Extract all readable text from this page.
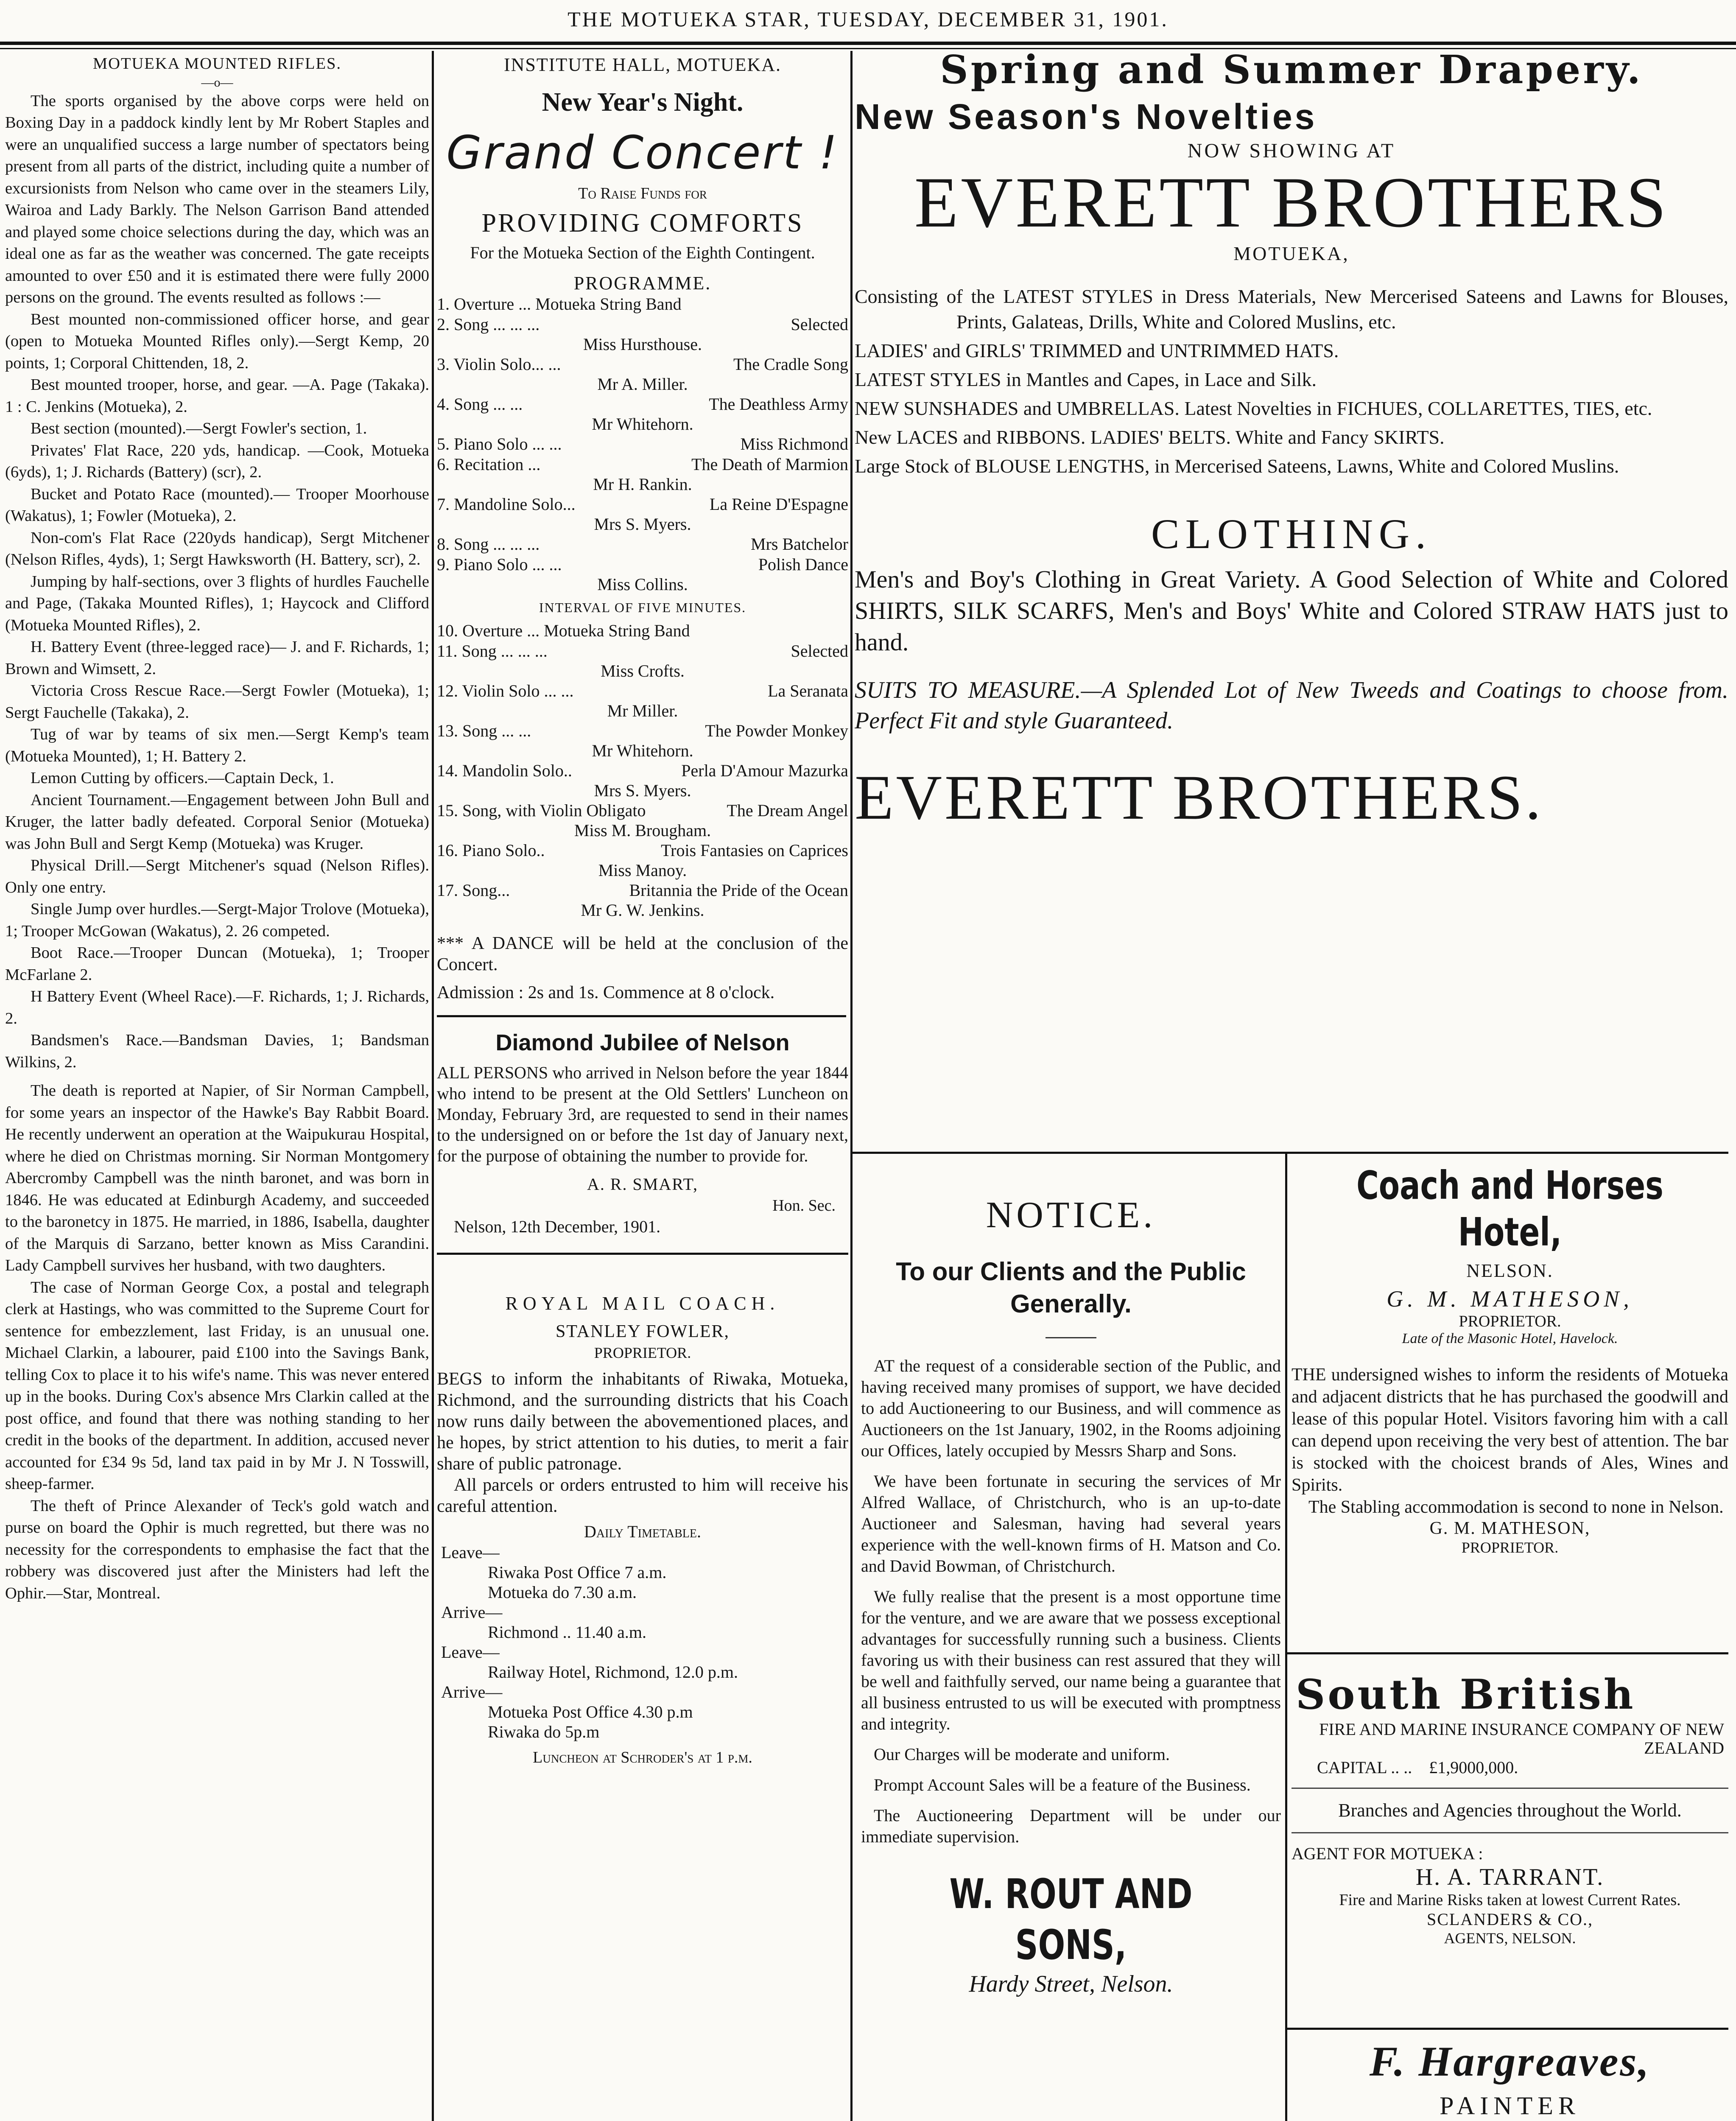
THE MOTUEKA STAR, TUESDAY, DECEMBER 31, 1901.

MOTUEKA MOUNTED RIFLES.

—o—

The sports organised by the above corps were held on Boxing Day in a paddock kindly lent by Mr Robert Staples and were an unqualified success a large number of spectators being present from all parts of the district, including quite a number of excursionists from Nelson who came over in the steamers Lily, Wairoa and Lady Barkly. The Nelson Garrison Band attended and played some choice selections during the day, which was an ideal one as far as the weather was concerned. The gate receipts amounted to over £50 and it is estimated there were fully 2000 persons on the ground. The events resulted as follows :—

Best mounted non-commissioned officer horse, and gear (open to Motueka Mounted Rifles only).—Sergt Kemp, 20 points, 1; Corporal Chittenden, 18, 2.

Best mounted trooper, horse, and gear. —A. Page (Takaka). 1 : C. Jenkins (Motueka), 2.

Best section (mounted).—Sergt Fowler's section, 1.

Privates' Flat Race, 220 yds, handicap. —Cook, Motueka (6yds), 1; J. Richards (Battery) (scr), 2.

Bucket and Potato Race (mounted).— Trooper Moorhouse (Wakatus), 1; Fowler (Motueka), 2.

Non-com's Flat Race (220yds handicap), Sergt Mitchener (Nelson Rifles, 4yds), 1; Sergt Hawksworth (H. Battery, scr), 2.

Jumping by half-sections, over 3 flights of hurdles Fauchelle and Page, (Takaka Mounted Rifles), 1; Haycock and Clifford (Motueka Mounted Rifles), 2.

H. Battery Event (three-legged race)— J. and F. Richards, 1; Brown and Wimsett, 2.

Victoria Cross Rescue Race.—Sergt Fowler (Motueka), 1; Sergt Fauchelle (Takaka), 2.

Tug of war by teams of six men.—Sergt Kemp's team (Motueka Mounted), 1; H. Battery 2.

Lemon Cutting by officers.—Captain Deck, 1.

Ancient Tournament.—Engagement between John Bull and Kruger, the latter badly defeated. Corporal Senior (Motueka) was John Bull and Sergt Kemp (Motueka) was Kruger.

Physical Drill.—Sergt Mitchener's squad (Nelson Rifles). Only one entry.

Single Jump over hurdles.—Sergt-Major Trolove (Motueka), 1; Trooper McGowan (Wakatus), 2. 26 competed.

Boot Race.—Trooper Duncan (Motueka), 1; Trooper McFarlane 2.

H Battery Event (Wheel Race).—F. Richards, 1; J. Richards, 2.

Bandsmen's Race.—Bandsman Davies, 1; Bandsman Wilkins, 2.

The death is reported at Napier, of Sir Norman Campbell, for some years an inspector of the Hawke's Bay Rabbit Board. He recently underwent an operation at the Waipukurau Hospital, where he died on Christmas morning. Sir Norman Montgomery Abercromby Campbell was the ninth baronet, and was born in 1846. He was educated at Edinburgh Academy, and succeeded to the baronetcy in 1875. He married, in 1886, Isabella, daughter of the Marquis di Sarzano, better known as Miss Carandini. Lady Campbell survives her husband, with two daughters.

The case of Norman George Cox, a postal and telegraph clerk at Hastings, who was committed to the Supreme Court for sentence for embezzlement, last Friday, is an unusual one. Michael Clarkin, a labourer, paid £100 into the Savings Bank, telling Cox to place it to his wife's name. This was never entered up in the books. During Cox's absence Mrs Clarkin called at the post office, and found that there was nothing standing to her credit in the books of the department. In addition, accused never accounted for £34 9s 5d, land tax paid in by Mr J. N Tosswill, sheep-farmer.

The theft of Prince Alexander of Teck's gold watch and purse on board the Ophir is much regretted, but there was no necessity for the correspondents to emphasise the fact that the robbery was discovered just after the Ministers had left the Ophir.—Star, Montreal.

INSTITUTE HALL, MOTUEKA.

New Year's Night.

Grand Concert !

To Raise Funds for

PROVIDING COMFORTS

For the Motueka Section of the Eighth Contingent.

PROGRAMME.

1. Overture ... Motueka String Band
2. Song ... ... ...	Selected
Miss Hursthouse.
3. Violin Solo... ...	The Cradle Song
Mr A. Miller.
4. Song ... ...	The Deathless Army
Mr Whitehorn.
5. Piano Solo ... ...	Miss Richmond
6. Recitation ...	The Death of Marmion
Mr H. Rankin.
7. Mandoline Solo...	La Reine D'Espagne
Mrs S. Myers.
8. Song ... ... ...	Mrs Batchelor
9. Piano Solo ... ...	Polish Dance
Miss Collins.

INTERVAL OF FIVE MINUTES.

10. Overture ... Motueka String Band
11. Song ... ... ...	Selected
Miss Crofts.
12. Violin Solo ... ...	La Seranata
Mr Miller.
13. Song ... ...	The Powder Monkey
Mr Whitehorn.
14. Mandolin Solo..	Perla D'Amour Mazurka
Mrs S. Myers.
15. Song, with Violin Obligato	The Dream Angel
Miss M. Brougham.
16. Piano Solo..	Trois Fantasies on Caprices
Miss Manoy.
17. Song...	Britannia the Pride of the Ocean
Mr G. W. Jenkins.

*** A DANCE will be held at the conclusion of the Concert.

Admission : 2s and 1s. Commence at 8 o'clock.

Diamond Jubilee of Nelson

ALL PERSONS who arrived in Nelson before the year 1844 who intend to be present at the Old Settlers' Luncheon on Monday, February 3rd, are requested to send in their names to the undersigned on or before the 1st day of January next, for the purpose of obtaining the number to provide for.

A. R. SMART,

Hon. Sec.

Nelson, 12th December, 1901.

ROYAL MAIL COACH.

STANLEY FOWLER,

PROPRIETOR.

BEGS to inform the inhabitants of Riwaka, Motueka, Richmond, and the surrounding districts that his Coach now runs daily between the abovementioned places, and he hopes, by strict attention to his duties, to merit a fair share of public patronage.

All parcels or orders entrusted to him will receive his careful attention.

Daily Timetable.

Leave—

Riwaka Post Office 7 a.m.

Motueka do 7.30 a.m.

Arrive—

Richmond .. 11.40 a.m.

Leave—

Railway Hotel, Richmond, 12.0 p.m.

Arrive—

Motueka Post Office 4.30 p.m

Riwaka do 5p.m

Luncheon at Schroder's at 1 p.m.

Spring and Summer Drapery.

New Season's Novelties

NOW SHOWING AT

EVERETT BROTHERS

MOTUEKA,

Consisting of the LATEST STYLES in Dress Materials, New Mercerised Sateens and Lawns for Blouses, Prints, Galateas, Drills, White and Colored Muslins, etc.

LADIES' and GIRLS' TRIMMED and UNTRIMMED HATS.

LATEST STYLES in Mantles and Capes, in Lace and Silk.

NEW SUNSHADES and UMBRELLAS. Latest Novelties in FICHUES, COLLARETTES, TIES, etc.

New LACES and RIBBONS. LADIES' BELTS. White and Fancy SKIRTS.

Large Stock of BLOUSE LENGTHS, in Mercerised Sateens, Lawns, White and Colored Muslins.

CLOTHING.

Men's and Boy's Clothing in Great Variety. A Good Selection of White and Colored SHIRTS, SILK SCARFS, Men's and Boys' White and Colored STRAW HATS just to hand.

SUITS TO MEASURE.—A Splended Lot of New Tweeds and Coatings to choose from. Perfect Fit and style Guaranteed.

EVERETT BROTHERS.

NOTICE.

To our Clients and the Public Generally.

AT the request of a considerable section of the Public, and having received many promises of support, we have decided to add Auctioneering to our Business, and will commence as Auctioneers on the 1st January, 1902, in the Rooms adjoining our Offices, lately occupied by Messrs Sharp and Sons.

We have been fortunate in securing the services of Mr Alfred Wallace, of Christchurch, who is an up-to-date Auctioneer and Salesman, having had several years experience with the well-known firms of H. Matson and Co. and David Bowman, of Christchurch.

We fully realise that the present is a most opportune time for the venture, and we are aware that we possess exceptional advantages for successfully running such a business. Clients favoring us with their business can rest assured that they will be well and faithfully served, our name being a guarantee that all business entrusted to us will be executed with promptness and integrity.

Our Charges will be moderate and uniform.

Prompt Account Sales will be a feature of the Business.

The Auctioneering Department will be under our immediate supervision.

W. ROUT AND SONS,

Hardy Street, Nelson.

Coach and Horses Hotel,

NELSON.

G. M. MATHESON,

PROPRIETOR.

Late of the Masonic Hotel, Havelock.

THE undersigned wishes to inform the residents of Motueka and adjacent districts that he has purchased the goodwill and lease of this popular Hotel. Visitors favoring him with a call can depend upon receiving the very best of attention. The bar is stocked with the choicest brands of Ales, Wines and Spirits.

The Stabling accommodation is second to none in Nelson.

G. M. MATHESON,

PROPRIETOR.

South British

FIRE AND MARINE INSURANCE COMPANY OF NEW ZEALAND

CAPITAL .. .. £1,9000,000.

Branches and Agencies throughout the World.

AGENT FOR MOTUEKA :

H. A. TARRANT.

Fire and Marine Risks taken at lowest Current Rates.

SCLANDERS & CO.,

AGENTS, NELSON.

F. Hargreaves,

PAINTER
